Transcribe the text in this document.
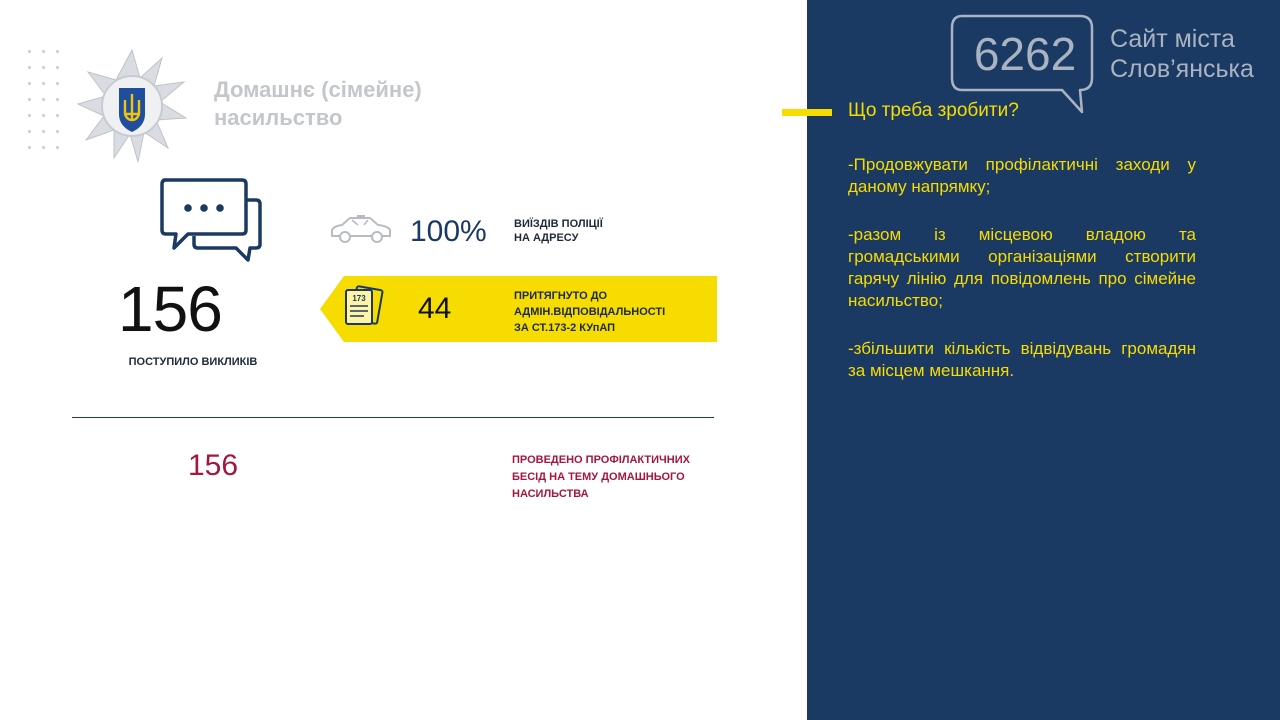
Домашнє (сімейне)
насильство
156
ПОСТУПИЛО ВИКЛИКІВ
100% ВИЇЗДІВ ПОЛІЦІЇ
НА АДРЕСУ
173 44	ПРИТЯГНУТО ДО
АДМІН.ВІДПОВІДАЛЬНОСТІ
ЗА СТ.173-2 КУпАП
156	ПРОВЕДЕНО ПРОФІЛАКТИЧНИХ
БЕСІД НА ТЕМУ ДОМАШНЬОГО
НАСИЛЬСТВА
6262	Сайт міста
Слов’янська
Що треба зробити?
-Продовжувати профілактичні заходи у даному напрямку;
-разом із місцевою владою та громадськими організаціями створити гарячу лінію для повідомлень про сімейне насильство;
-збільшити кількість відвідувань громадян за місцем мешкання.
